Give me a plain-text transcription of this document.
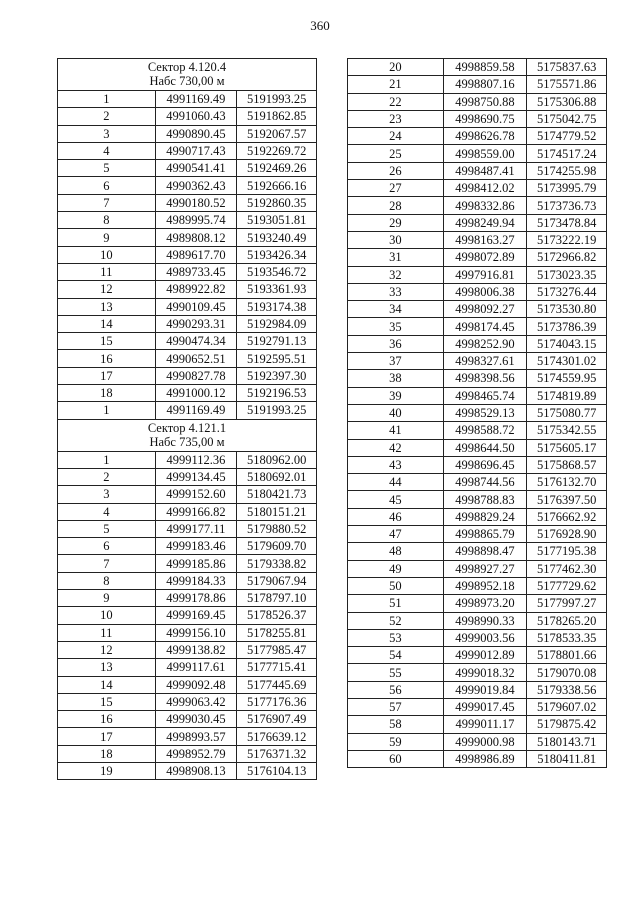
360
Сектор 4.120.4
Набс 730,00 м		

1	4991169.49	5191993.25
2	4991060.43	5191862.85
3	4990890.45	5192067.57
4	4990717.43	5192269.72
5	4990541.41	5192469.26
6	4990362.43	5192666.16
7	4990180.52	5192860.35
8	4989995.74	5193051.81
9	4989808.12	5193240.49
10	4989617.70	5193426.34
11	4989733.45	5193546.72
12	4989922.82	5193361.93
13	4990109.45	5193174.38
14	4990293.31	5192984.09
15	4990474.34	5192791.13
16	4990652.51	5192595.51
17	4990827.78	5192397.30
18	4991000.12	5192196.53
1	4991169.49	5191993.25
Сектор 4.121.1
Набс 735,00 м		

1	4999112.36	5180962.00
2	4999134.45	5180692.01
3	4999152.60	5180421.73
4	4999166.82	5180151.21
5	4999177.11	5179880.52
6	4999183.46	5179609.70
7	4999185.86	5179338.82
8	4999184.33	5179067.94
9	4999178.86	5178797.10
10	4999169.45	5178526.37
11	4999156.10	5178255.81
12	4999138.82	5177985.47
13	4999117.61	5177715.41
14	4999092.48	5177445.69
15	4999063.42	5177176.36
16	4999030.45	5176907.49
17	4998993.57	5176639.12
18	4998952.79	5176371.32
19	4998908.13	5176104.13
20	4998859.58	5175837.63
21	4998807.16	5175571.86
22	4998750.88	5175306.88
23	4998690.75	5175042.75
24	4998626.78	5174779.52
25	4998559.00	5174517.24
26	4998487.41	5174255.98
27	4998412.02	5173995.79
28	4998332.86	5173736.73
29	4998249.94	5173478.84
30	4998163.27	5173222.19
31	4998072.89	5172966.82
32	4997916.81	5173023.35
33	4998006.38	5173276.44
34	4998092.27	5173530.80
35	4998174.45	5173786.39
36	4998252.90	5174043.15
37	4998327.61	5174301.02
38	4998398.56	5174559.95
39	4998465.74	5174819.89
40	4998529.13	5175080.77
41	4998588.72	5175342.55
42	4998644.50	5175605.17
43	4998696.45	5175868.57
44	4998744.56	5176132.70
45	4998788.83	5176397.50
46	4998829.24	5176662.92
47	4998865.79	5176928.90
48	4998898.47	5177195.38
49	4998927.27	5177462.30
50	4998952.18	5177729.62
51	4998973.20	5177997.27
52	4998990.33	5178265.20
53	4999003.56	5178533.35
54	4999012.89	5178801.66
55	4999018.32	5179070.08
56	4999019.84	5179338.56
57	4999017.45	5179607.02
58	4999011.17	5179875.42
59	4999000.98	5180143.71
60	4998986.89	5180411.81
